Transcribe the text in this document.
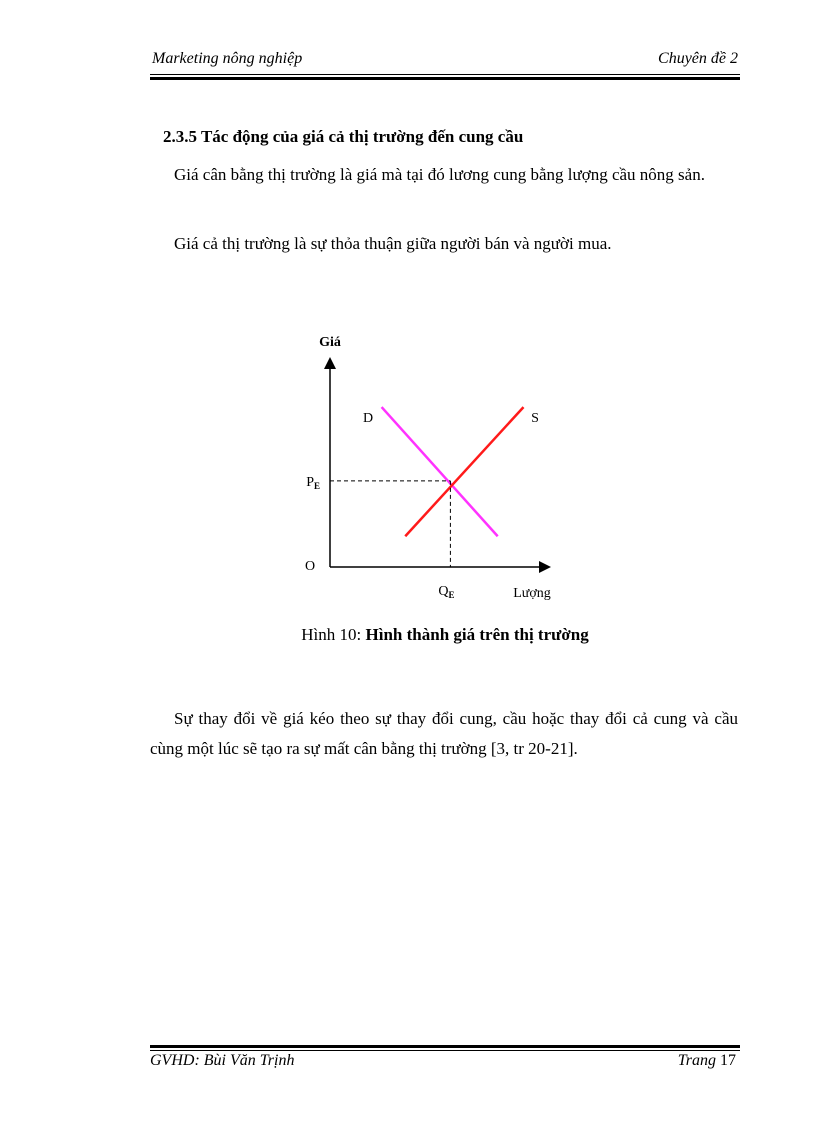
Marketing nông nghiệp	Chuyên đề 2
2.3.5 Tác động của giá cả thị trường đến cung cầu

Giá cân bằng thị trường là giá mà tại đó lương cung bằng lượng cầu nông sản.

Giá cả thị trường là sự thỏa thuận giữa người bán và người mua.

Giá
Lượng
O
D	S
$P_E$
$Q_E$
Hình 10: Hình thành giá trên thị trường

Sự thay đổi về giá kéo theo sự thay đổi cung, cầu hoặc thay đổi cả cung và cầu cùng một lúc sẽ tạo ra sự mất cân bằng thị trường [3, tr 20-21].

GVHD: Bùi Văn Trịnh	Trang 17
